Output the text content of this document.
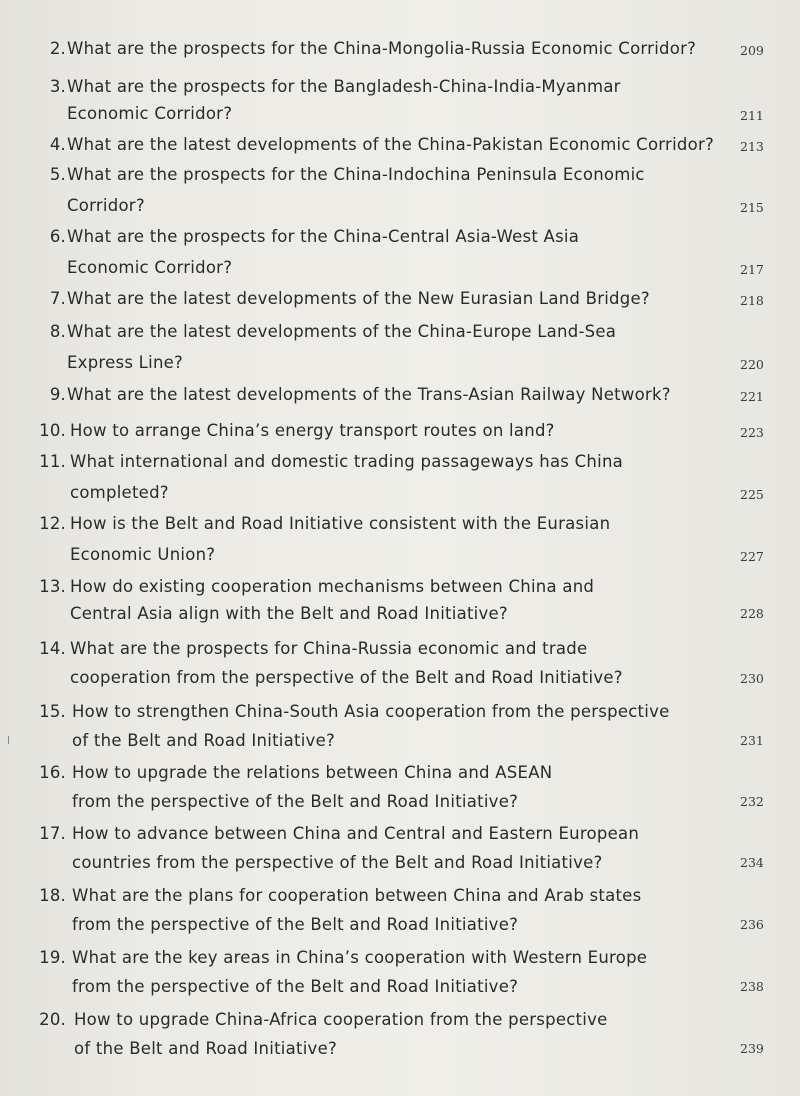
2. What are the prospects for the China-Mongolia-Russia Economic Corridor?	209
3. What are the prospects for the Bangladesh-China-India-Myanmar
Economic Corridor?	211
4. What are the latest developments of the China-Pakistan Economic Corridor? 213
5. What are the prospects for the China-Indochina Peninsula Economic
Corridor?	215
6. What are the prospects for the China-Central Asia-West Asia
Economic Corridor?	217
7. What are the latest developments of the New Eurasian Land Bridge?	218
8. What are the latest developments of the China-Europe Land-Sea
Express Line?	220
9. What are the latest developments of the Trans-Asian Railway Network?	221
10. How to arrange China’s energy transport routes on land?	223
11. What international and domestic trading passageways has China
completed?	225
12. How is the Belt and Road Initiative consistent with the Eurasian
Economic Union?	227
13. How do existing cooperation mechanisms between China and
Central Asia align with the Belt and Road Initiative?	228
14. What are the prospects for China-Russia economic and trade
cooperation from the perspective of the Belt and Road Initiative?	230
15. How to strengthen China-South Asia cooperation from the perspective
of the Belt and Road Initiative?	231
16. How to upgrade the relations between China and ASEAN
from the perspective of the Belt and Road Initiative?	232
17. How to advance between China and Central and Eastern European
countries from the perspective of the Belt and Road Initiative?	234
18. What are the plans for cooperation between China and Arab states
from the perspective of the Belt and Road Initiative?	236
19. What are the key areas in China’s cooperation with Western Europe
from the perspective of the Belt and Road Initiative?	238
20. How to upgrade China-Africa cooperation from the perspective
of the Belt and Road Initiative?	239
